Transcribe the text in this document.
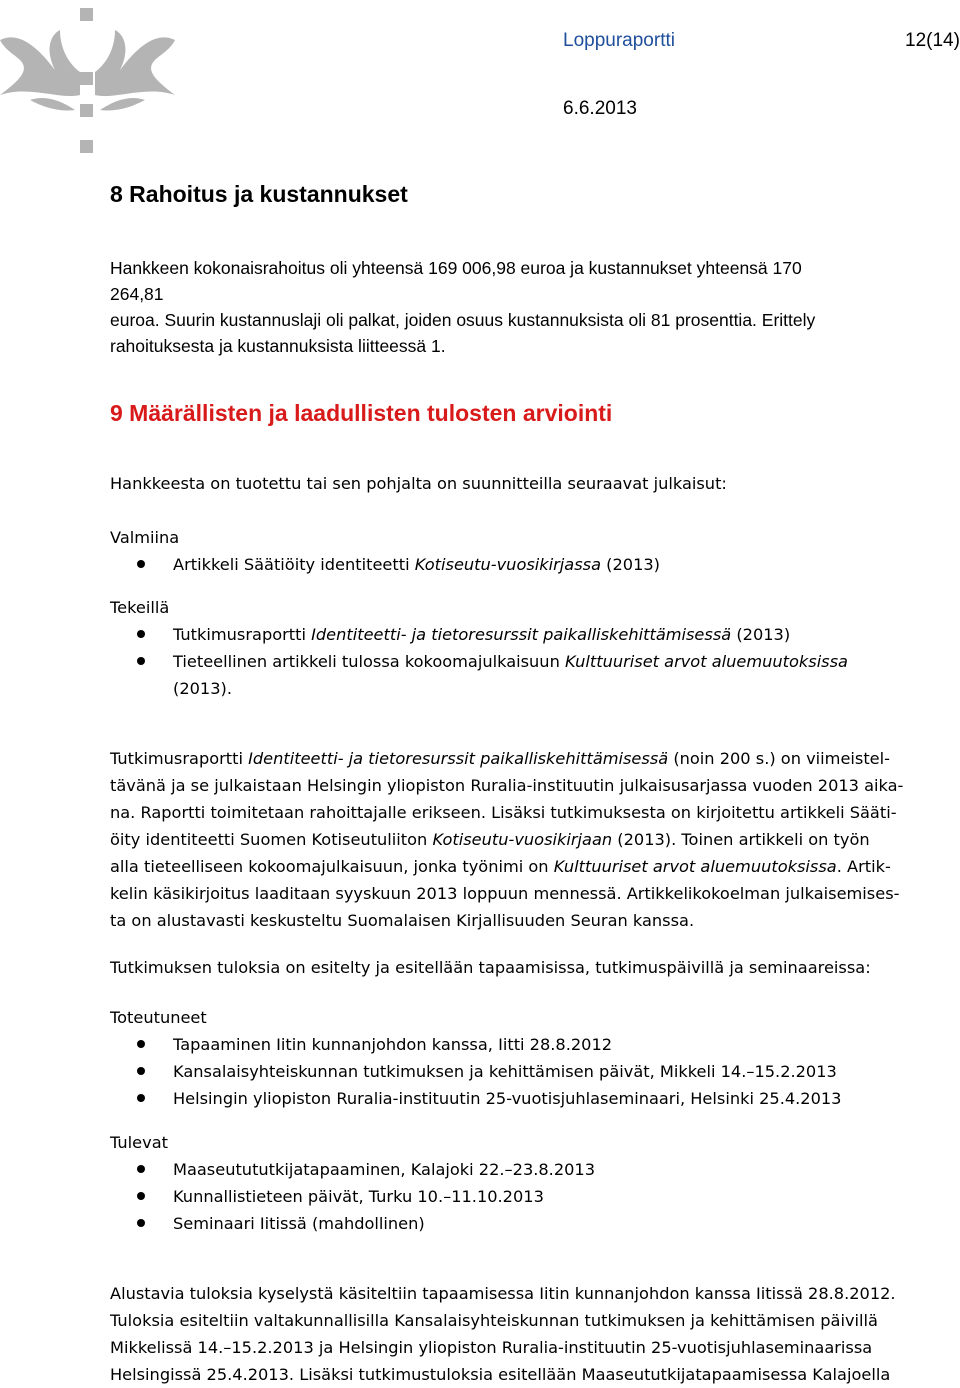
Loppuraportti	12(14)
6.6.2013
8 Rahoitus ja kustannukset
Hankkeen kokonaisrahoitus oli yhteensä 169 006,98 euroa ja kustannukset yhteensä 170 264,81
euroa. Suurin kustannuslaji oli palkat, joiden osuus kustannuksista oli 81 prosenttia. Erittely
rahoituksesta ja kustannuksista liitteessä 1.
9 Määrällisten ja laadullisten tulosten arviointi

Hankkeesta on tuotettu tai sen pohjalta on suunnitteilla seuraavat julkaisut:

Valmiina

Artikkeli Säätiöity identiteetti Kotiseutu-vuosikirjassa (2013)

Tekeillä

Tutkimusraportti Identiteetti- ja tietoresurssit paikalliskehittämisessä (2013)
Tieteellinen artikkeli tulossa kokoomajulkaisuun Kulttuuriset arvot aluemuutoksissa
(2013).
Tutkimusraportti Identiteetti- ja tietoresurssit paikalliskehittämisessä (noin 200 s.) on viimeistel-
tävänä ja se julkaistaan Helsingin yliopiston Ruralia-instituutin julkaisusarjassa vuoden 2013 aika-
na. Raportti toimitetaan rahoittajalle erikseen. Lisäksi tutkimuksesta on kirjoitettu artikkeli Sääti-
öity identiteetti Suomen Kotiseutuliiton Kotiseutu-vuosikirjaan (2013). Toinen artikkeli on työn
alla tieteelliseen kokoomajulkaisuun, jonka työnimi on Kulttuuriset arvot aluemuutoksissa. Artik-
kelin käsikirjoitus laaditaan syyskuun 2013 loppuun mennessä. Artikkelikokoelman julkaisemises-
ta on alustavasti keskusteltu Suomalaisen Kirjallisuuden Seuran kanssa.

Tutkimuksen tuloksia on esitelty ja esitellään tapaamisissa, tutkimuspäivillä ja seminaareissa:

Toteutuneet

Tapaaminen Iitin kunnanjohdon kanssa, Iitti 28.8.2012
Kansalaisyhteiskunnan tutkimuksen ja kehittämisen päivät, Mikkeli 14.–15.2.2013
Helsingin yliopiston Ruralia-instituutin 25-vuotisjuhlaseminaari, Helsinki 25.4.2013

Tulevat

Maaseutututkijatapaaminen, Kalajoki 22.–23.8.2013
Kunnallistieteen päivät, Turku 10.–11.10.2013
Seminaari Iitissä (mahdollinen)
Alustavia tuloksia kyselystä käsiteltiin tapaamisessa Iitin kunnanjohdon kanssa Iitissä 28.8.2012.
Tuloksia esiteltiin valtakunnallisilla Kansalaisyhteiskunnan tutkimuksen ja kehittämisen päivillä
Mikkelissä 14.–15.2.2013 ja Helsingin yliopiston Ruralia-instituutin 25-vuotisjuhlaseminaarissa
Helsingissä 25.4.2013. Lisäksi tutkimustuloksia esitellään Maaseututkijatapaamisessa Kalajoella
